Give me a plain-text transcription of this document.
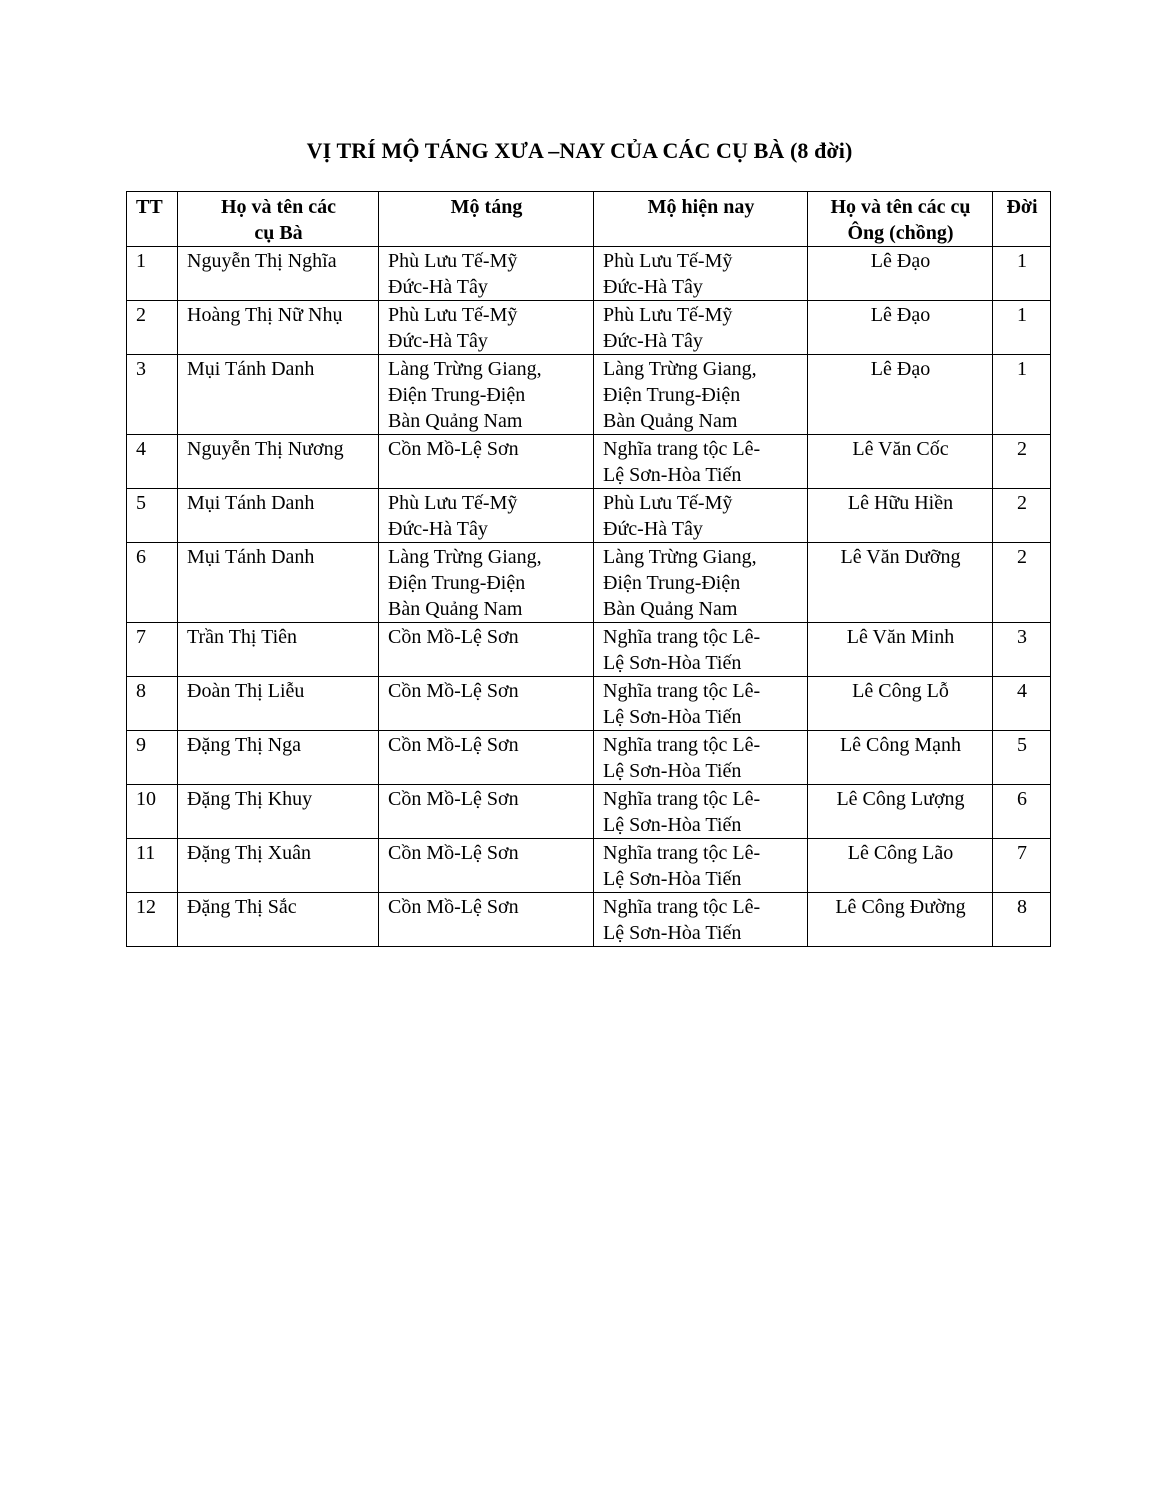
VỊ TRÍ MỘ TÁNG XƯA –NAY CỦA CÁC CỤ BÀ (8 đời)
TT	Họ và tên các
cụ Bà	Mộ táng	Mộ hiện nay	Họ và tên các cụ
Ông (chồng)	Đời
1	Nguyễn Thị Nghĩa	Phù Lưu Tế-Mỹ
Đức-Hà Tây	Phù Lưu Tế-Mỹ
Đức-Hà Tây	Lê Đạo	1
2	Hoàng Thị Nữ Nhụ	Phù Lưu Tế-Mỹ
Đức-Hà Tây	Phù Lưu Tế-Mỹ
Đức-Hà Tây	Lê Đạo	1
3	Mụi Tánh Danh	Làng Trừng Giang,
Điện Trung-Điện
Bàn Quảng Nam	Làng Trừng Giang,
Điện Trung-Điện
Bàn Quảng Nam	Lê Đạo	1
4	Nguyễn Thị Nương	Cồn Mồ-Lệ Sơn	Nghĩa trang tộc Lê-
Lệ Sơn-Hòa Tiến	Lê Văn Cốc	2
5	Mụi Tánh Danh	Phù Lưu Tế-Mỹ
Đức-Hà Tây	Phù Lưu Tế-Mỹ
Đức-Hà Tây	Lê Hữu Hiền	2
6	Mụi Tánh Danh	Làng Trừng Giang,
Điện Trung-Điện
Bàn Quảng Nam	Làng Trừng Giang,
Điện Trung-Điện
Bàn Quảng Nam	Lê Văn Dưỡng	2
7	Trần Thị Tiên	Cồn Mồ-Lệ Sơn	Nghĩa trang tộc Lê-
Lệ Sơn-Hòa Tiến	Lê Văn Minh	3
8	Đoàn Thị Liễu	Cồn Mồ-Lệ Sơn	Nghĩa trang tộc Lê-
Lệ Sơn-Hòa Tiến	Lê Công Lỗ	4
9	Đặng Thị Nga	Cồn Mồ-Lệ Sơn	Nghĩa trang tộc Lê-
Lệ Sơn-Hòa Tiến	Lê Công Mạnh	5
10	Đặng Thị Khuy	Cồn Mồ-Lệ Sơn	Nghĩa trang tộc Lê-
Lệ Sơn-Hòa Tiến	Lê Công Lượng	6
11	Đặng Thị Xuân	Cồn Mồ-Lệ Sơn	Nghĩa trang tộc Lê-
Lệ Sơn-Hòa Tiến	Lê Công Lão	7
12	Đặng Thị Sắc	Cồn Mồ-Lệ Sơn	Nghĩa trang tộc Lê-
Lệ Sơn-Hòa Tiến	Lê Công Đường	8
